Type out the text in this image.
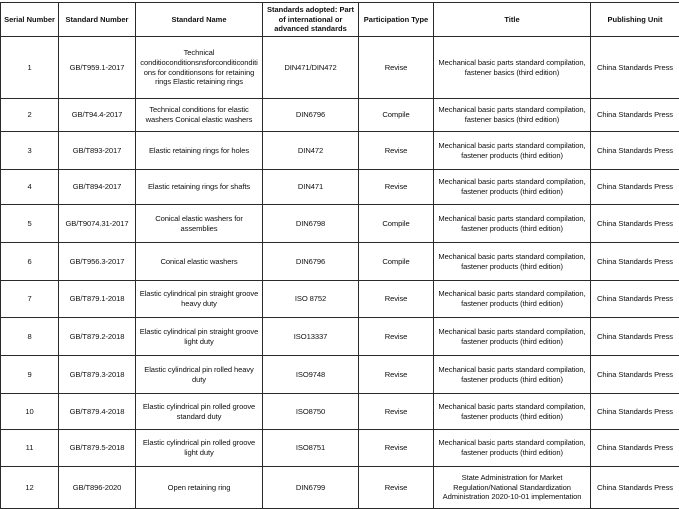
Serial Number	Standard Number	Standard Name	Standards adopted: Part of international or advanced standards	Participation Type	Title	Publishing Unit
1	GB/T959.1-2017	Technical conditioconditionsnsforconditiconditions for conditionsons for retaining rings Elastic retaining rings	DIN471/DIN472	Revise	Mechanical basic parts standard compilation, fastener basics (third edition)	China Standards Press
2	GB/T94.4-2017	Technical conditions for elastic washers Conical elastic washers	DIN6796	Compile	Mechanical basic parts standard compilation, fastener basics (third edition)	China Standards Press
3	GB/T893-2017	Elastic retaining rings for holes	DIN472	Revise	Mechanical basic parts standard compilation, fastener products (third edition)	China Standards Press
4	GB/T894-2017	Elastic retaining rings for shafts	DIN471	Revise	Mechanical basic parts standard compilation, fastener products (third edition)	China Standards Press
5	GB/T9074.31-2017	Conical elastic washers for assemblies	DIN6798	Compile	Mechanical basic parts standard compilation, fastener products (third edition)	China Standards Press
6	GB/T956.3-2017	Conical elastic washers	DIN6796	Compile	Mechanical basic parts standard compilation, fastener products (third edition)	China Standards Press
7	GB/T879.1-2018	Elastic cylindrical pin straight groove heavy duty	ISO 8752	Revise	Mechanical basic parts standard compilation, fastener products (third edition)	China Standards Press
8	GB/T879.2-2018	Elastic cylindrical pin straight groove light duty	ISO13337	Revise	Mechanical basic parts standard compilation, fastener products (third edition)	China Standards Press
9	GB/T879.3-2018	Elastic cylindrical pin rolled heavy duty	ISO9748	Revise	Mechanical basic parts standard compilation, fastener products (third edition)	China Standards Press
10	GB/T879.4-2018	Elastic cylindrical pin rolled groove standard duty	ISO8750	Revise	Mechanical basic parts standard compilation, fastener products (third edition)	China Standards Press
11	GB/T879.5-2018	Elastic cylindrical pin rolled groove light duty	ISO8751	Revise	Mechanical basic parts standard compilation, fastener products (third edition)	China Standards Press
12	GB/T896-2020	Open retaining ring	DIN6799	Revise	State Administration for Market Regulation/National Standardization Administration 2020-10-01 implementation	China Standards Press
